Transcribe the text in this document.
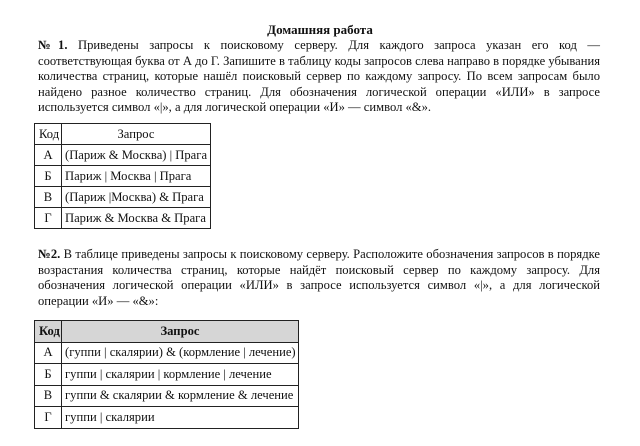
Домашняя работа

№1. Приведены запросы к поисковому серверу. Для каждого запроса указан его код — соответствующая буква от А до Г. Запишите в таблицу коды запросов слева направо в порядке убывания количества страниц, которые нашёл поисковый сервер по каждому запросу. По всем запросам было найдено разное количество страниц. Для обозначения логической операции «ИЛИ» в запросе используется символ «|», а для логической операции «И» — символ «&».

Код	Запрос
А	(Париж & Москва) | Прага
Б	Париж | Москва | Прага
В	(Париж |Москва) & Прага
Г	Париж & Москва & Прага

№2. В таблице приведены запросы к поисковому серверу. Расположите обозначения запросов в порядке возрастания количества страниц, которые найдёт поисковый сервер по каждому запросу. Для обозначения логической операции «ИЛИ» в запросе используется символ «|», а для логической операции «И» — «&»:

Код	Запрос
А	(гуппи | скалярии) & (кормление | лечение)
Б	гуппи | скалярии | кормление | лечение
В	гуппи & скалярии & кормление & лечение
Г	гуппи | скалярии
